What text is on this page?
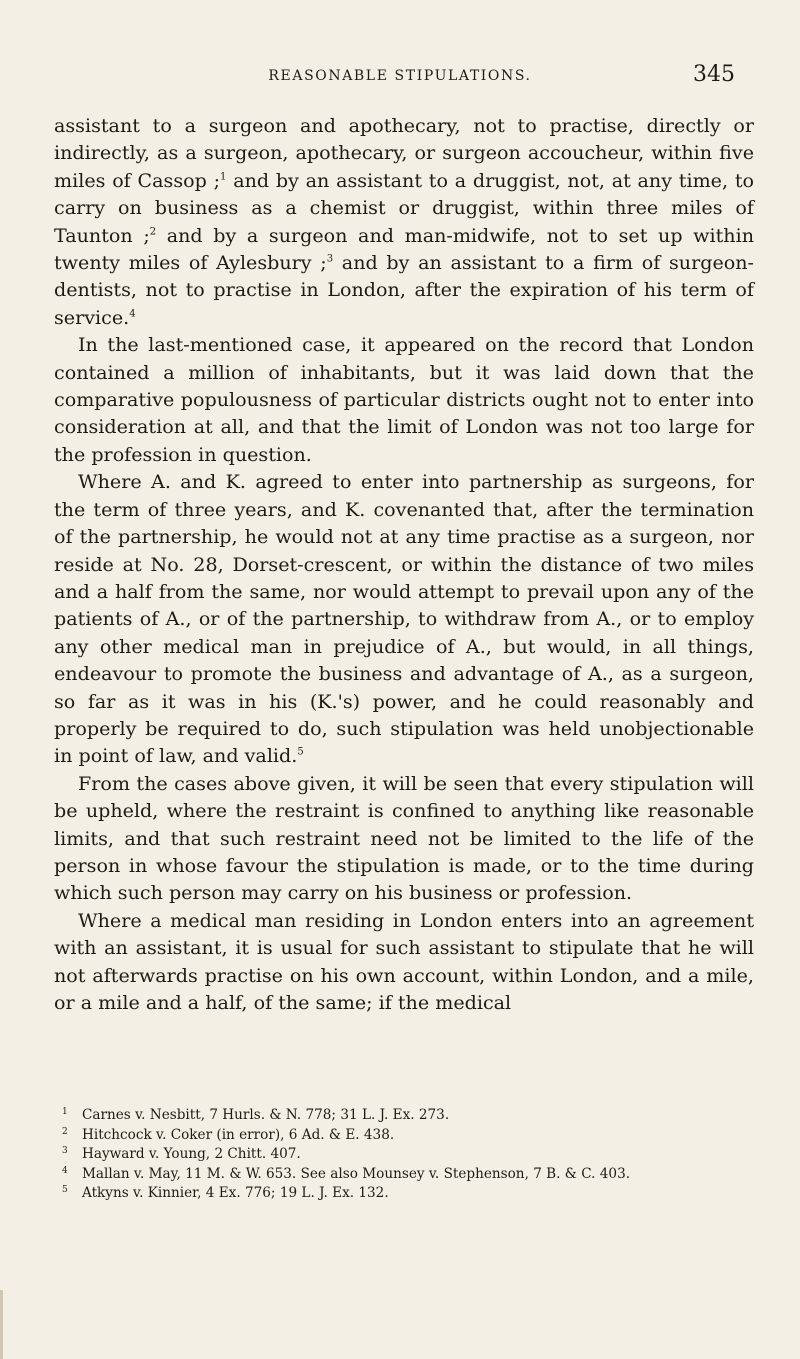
REASONABLE STIPULATIONS.	345

assistant to a surgeon and apothecary, not to practise, directly or indirectly, as a surgeon, apothecary, or surgeon accoucheur, within five miles of Cassop ;$^1$ and by an assistant to a druggist, not, at any time, to carry on business as a chemist or druggist, within three miles of Taunton ;$^2$ and by a surgeon and man-midwife, not to set up within twenty miles of Aylesbury ;$^3$ and by an assistant to a firm of surgeon-dentists, not to practise in London, after the expiration of his term of service.$^4$

In the last-mentioned case, it appeared on the record that London contained a million of inhabitants, but it was laid down that the comparative populousness of particular districts ought not to enter into consideration at all, and that the limit of London was not too large for the profession in question.

Where A. and K. agreed to enter into partnership as surgeons, for the term of three years, and K. covenanted that, after the termination of the partnership, he would not at any time practise as a surgeon, nor reside at No. 28, Dorset-crescent, or within the distance of two miles and a half from the same, nor would attempt to prevail upon any of the patients of A., or of the partnership, to withdraw from A., or to employ any other medical man in prejudice of A., but would, in all things, endeavour to promote the business and advantage of A., as a surgeon, so far as it was in his (K.'s) power, and he could reasonably and properly be required to do, such stipulation was held unobjectionable in point of law, and valid.$^5$

From the cases above given, it will be seen that every stipulation will be upheld, where the restraint is confined to anything like reasonable limits, and that such restraint need not be limited to the life of the person in whose favour the stipulation is made, or to the time during which such person may carry on his business or profession.

Where a medical man residing in London enters into an agreement with an assistant, it is usual for such assistant to stipulate that he will not afterwards practise on his own account, within London, and a mile, or a mile and a half, of the same; if the medical

1 Carnes v. Nesbitt, 7 Hurls. & N. 778; 31 L. J. Ex. 273.
2 Hitchcock v. Coker (in error), 6 Ad. & E. 438.
3 Hayward v. Young, 2 Chitt. 407.
4 Mallan v. May, 11 M. & W. 653. See also Mounsey v. Stephenson, 7 B. & C. 403.
5 Atkyns v. Kinnier, 4 Ex. 776; 19 L. J. Ex. 132.
